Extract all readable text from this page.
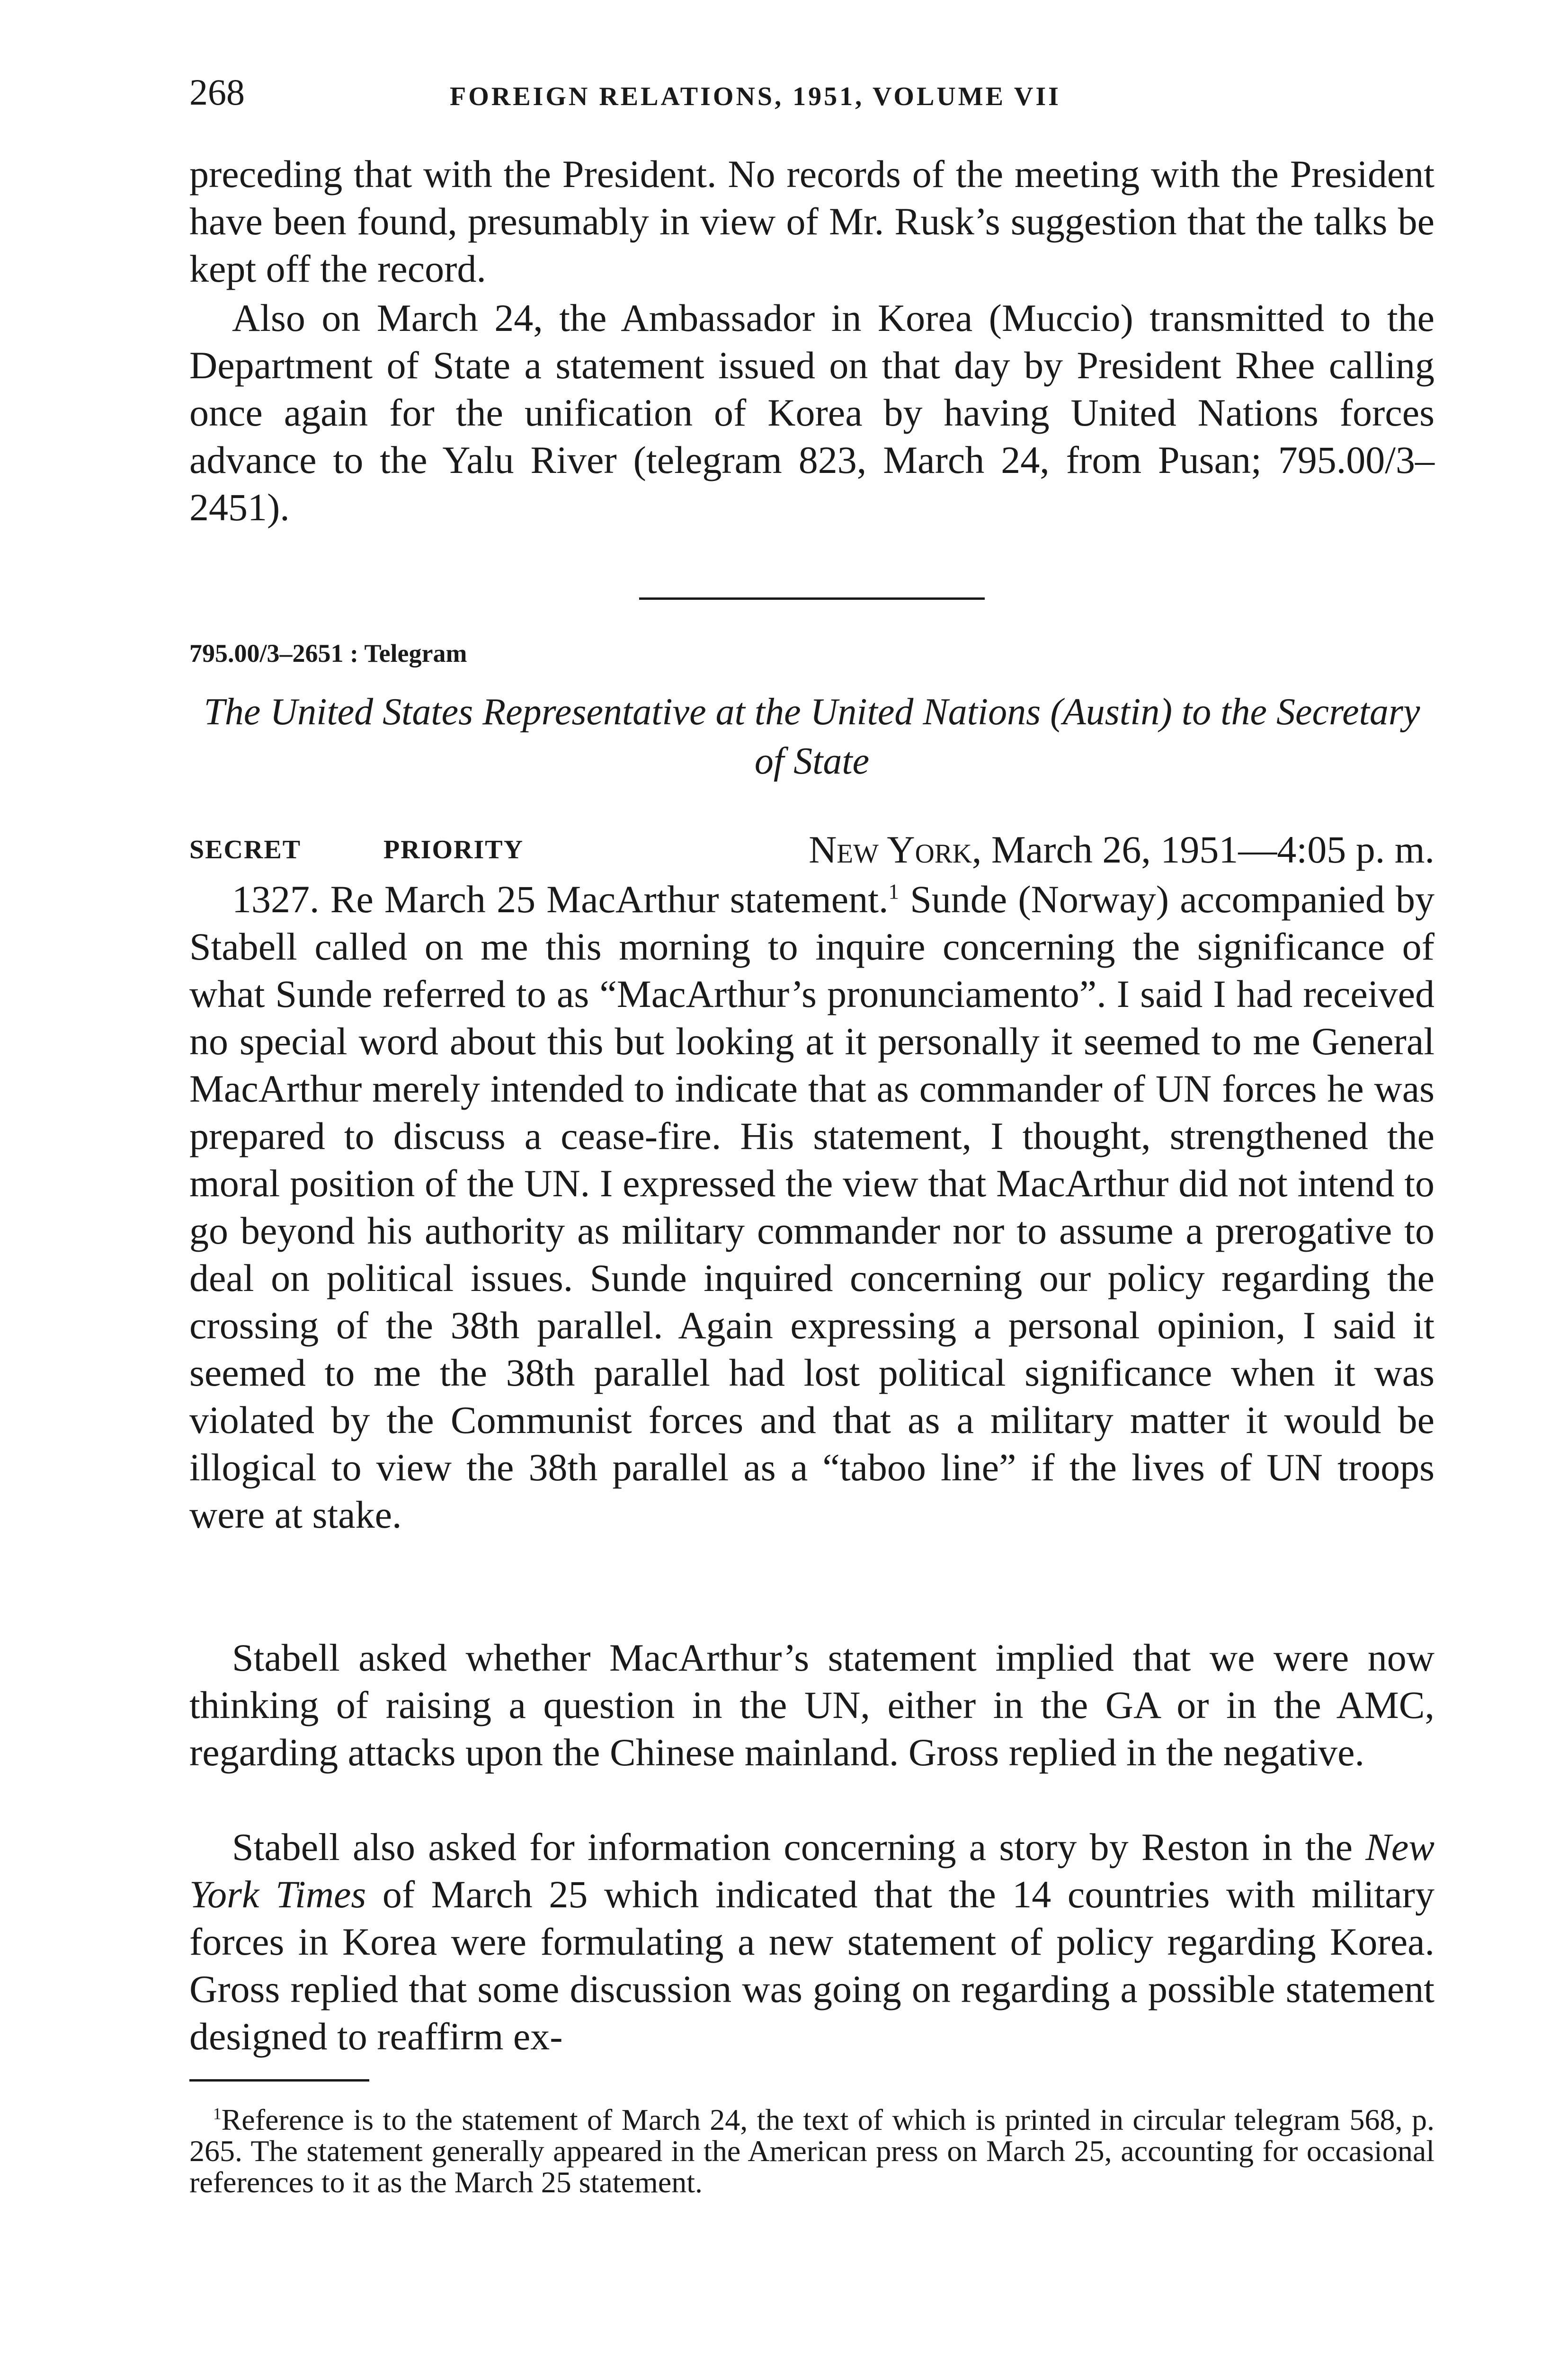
268	FOREIGN RELATIONS, 1951, VOLUME VII

preceding that with the President. No records of the meeting with the President have been found, presumably in view of Mr. Rusk’s suggestion that the talks be kept off the record.

Also on March 24, the Ambassador in Korea (Muccio) transmitted to the Department of State a statement issued on that day by President Rhee calling once again for the unification of Korea by having United Nations forces advance to the Yalu River (telegram 823, March 24, from Pusan; 795.00/3–2451).

795.00/3–2651 : Telegram

The United States Representative at the United Nations (Austin) to the Secretary of State

SECRET	PRIORITY	New York, March 26, 1951—4:05 p. m.

1327. Re March 25 MacArthur statement.$^1$ Sunde (Norway) accompanied by Stabell called on me this morning to inquire concerning the significance of what Sunde referred to as “MacArthur’s pronunciamento”. I said I had received no special word about this but looking at it personally it seemed to me General MacArthur merely intended to indicate that as commander of UN forces he was prepared to discuss a cease-fire. His statement, I thought, strengthened the moral position of the UN. I expressed the view that MacArthur did not intend to go beyond his authority as military commander nor to assume a prerogative to deal on political issues. Sunde inquired concerning our policy regarding the crossing of the 38th parallel. Again expressing a personal opinion, I said it seemed to me the 38th parallel had lost political significance when it was violated by the Communist forces and that as a military matter it would be illogical to view the 38th parallel as a “taboo line” if the lives of UN troops were at stake.

Stabell asked whether MacArthur’s statement implied that we were now thinking of raising a question in the UN, either in the GA or in the AMC, regarding attacks upon the Chinese mainland. Gross replied in the negative.

Stabell also asked for information concerning a story by Reston in the New York Times of March 25 which indicated that the 14 countries with military forces in Korea were formulating a new statement of policy regarding Korea. Gross replied that some discussion was going on regarding a possible statement designed to reaffirm ex-

$^1$Reference is to the statement of March 24, the text of which is printed in circular telegram 568, p. 265. The statement generally appeared in the American press on March 25, accounting for occasional references to it as the March 25 statement.
